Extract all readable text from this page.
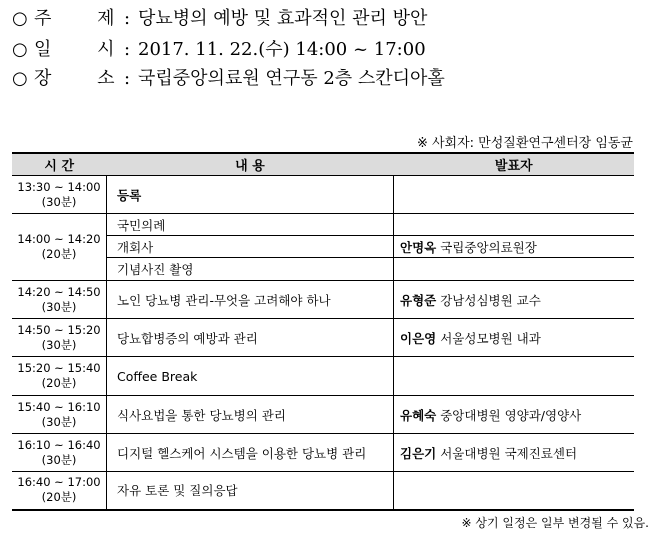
○ 주        제 : 당뇨병의 예방 및 효과적인 관리 방안
○ 일        시 : 2017. 11. 22.(수) 14:00 ~ 17:00
○ 장        소 : 국립중앙의료원 연구동 2층 스칸디아홀
※ 사회자: 만성질환연구센터장 임동균
시 간	내 용	발표자

13:30 ~ 14:00
(30분)	등록	

14:00 ~ 14:20
(20분)	국민의례	
	개회사	안명옥 국립중앙의료원장
	기념사진 촬영	

14:20 ~ 14:50
(30분)	노인 당뇨병 관리-무엇을 고려해야 하나	유형준 강남성심병원 교수

14:50 ~ 15:20
(30분)	당뇨합병증의 예방과 관리	이은영 서울성모병원 내과

15:20 ~ 15:40
(20분)	Coffee Break	

15:40 ~ 16:10
(30분)	식사요법을 통한 당뇨병의 관리	유혜숙 중앙대병원 영양과/영양사

16:10 ~ 16:40
(30분)	디지털 헬스케어 시스템을 이용한 당뇨병 관리	김은기 서울대병원 국제진료센터

16:40 ~ 17:00
(20분)	자유 토론 및 질의응답	
※ 상기 일정은 일부 변경될 수 있음.
